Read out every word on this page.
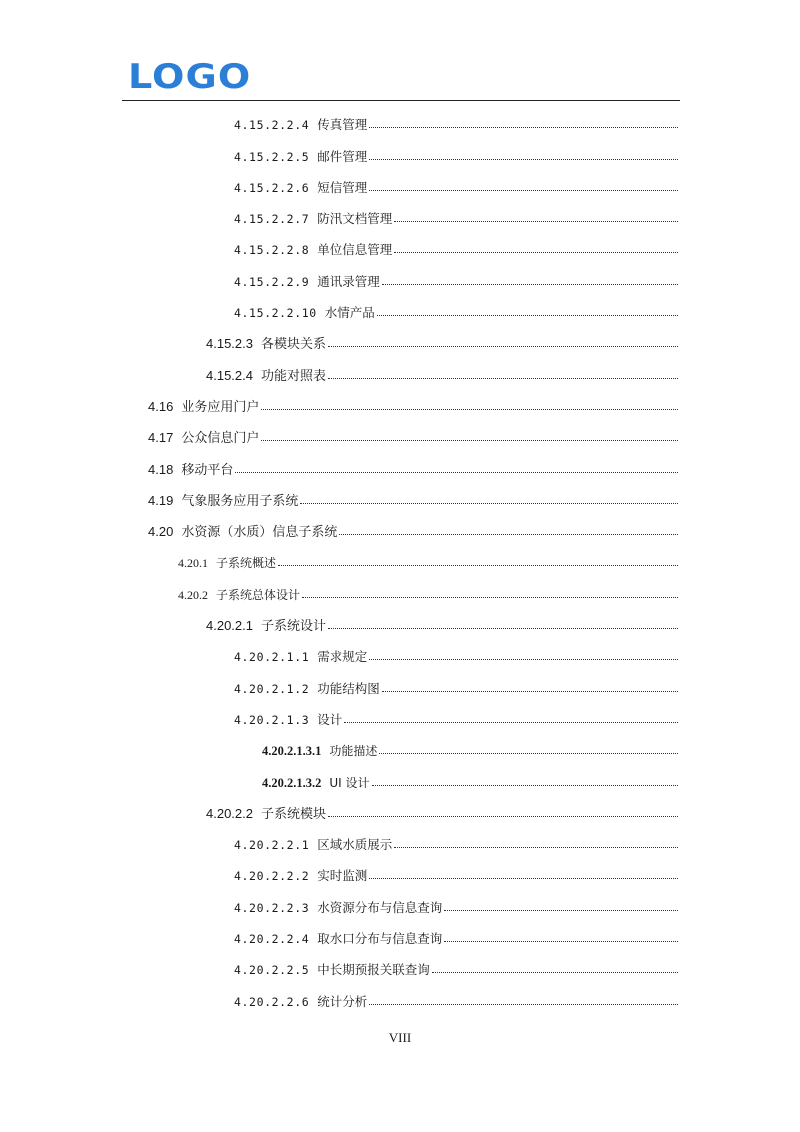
LOGO
4.15.2.2.4 传真管理
4.15.2.2.5 邮件管理
4.15.2.2.6 短信管理
4.15.2.2.7 防汛文档管理
4.15.2.2.8 单位信息管理
4.15.2.2.9 通讯录管理
4.15.2.2.10 水情产品
4.15.2.3 各模块关系
4.15.2.4 功能对照表
4.16 业务应用门户
4.17 公众信息门户
4.18 移动平台
4.19 气象服务应用子系统
4.20 水资源（水质）信息子系统
4.20.1 子系统概述
4.20.2 子系统总体设计
4.20.2.1 子系统设计
4.20.2.1.1 需求规定
4.20.2.1.2 功能结构图
4.20.2.1.3 设计
4.20.2.1.3.1 功能描述
4.20.2.1.3.2 UI 设计
4.20.2.2 子系统模块
4.20.2.2.1 区域水质展示
4.20.2.2.2 实时监测
4.20.2.2.3 水资源分布与信息查询
4.20.2.2.4 取水口分布与信息查询
4.20.2.2.5 中长期预报关联查询
4.20.2.2.6 统计分析
VIII
